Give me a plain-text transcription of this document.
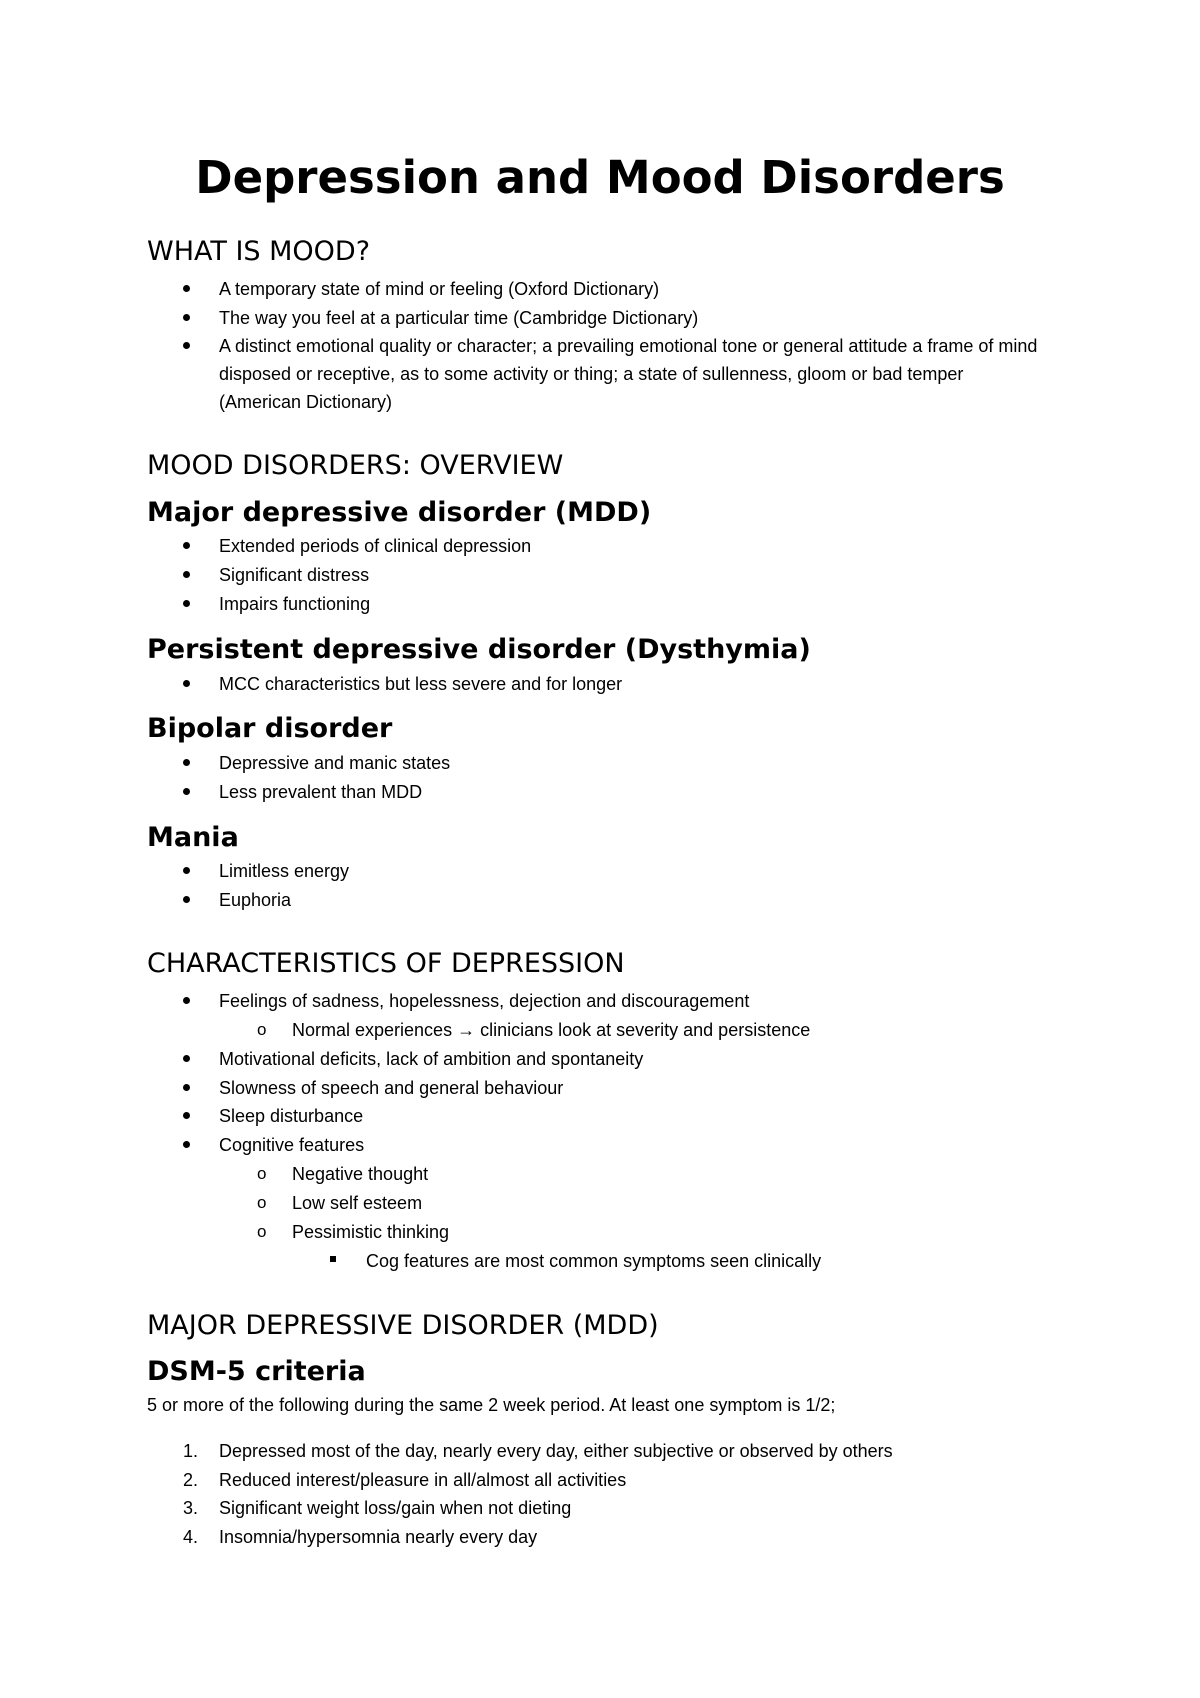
Depression and Mood Disorders
WHAT IS MOOD?
A temporary state of mind or feeling (Oxford Dictionary)
The way you feel at a particular time (Cambridge Dictionary)
A distinct emotional quality or character; a prevailing emotional tone or general attitude a frame of mind disposed or receptive, as to some activity or thing; a state of sullenness, gloom or bad temper (American Dictionary)
MOOD DISORDERS: OVERVIEW
Major depressive disorder (MDD)
Extended periods of clinical depression
Significant distress
Impairs functioning
Persistent depressive disorder (Dysthymia)
MCC characteristics but less severe and for longer
Bipolar disorder
Depressive and manic states
Less prevalent than MDD
Mania
Limitless energy
Euphoria
CHARACTERISTICS OF DEPRESSION
Feelings of sadness, hopelessness, dejection and discouragement
o Normal experiences → clinicians look at severity and persistence
Motivational deficits, lack of ambition and spontaneity
Slowness of speech and general behaviour
Sleep disturbance
Cognitive features
o Negative thought
o Low self esteem
o Pessimistic thinking
Cog features are most common symptoms seen clinically
MAJOR DEPRESSIVE DISORDER (MDD)
DSM-5 criteria
5 or more of the following during the same 2 week period. At least one symptom is 1/2;
1. Depressed most of the day, nearly every day, either subjective or observed by others
2. Reduced interest/pleasure in all/almost all activities
3. Significant weight loss/gain when not dieting
4. Insomnia/hypersomnia nearly every day
